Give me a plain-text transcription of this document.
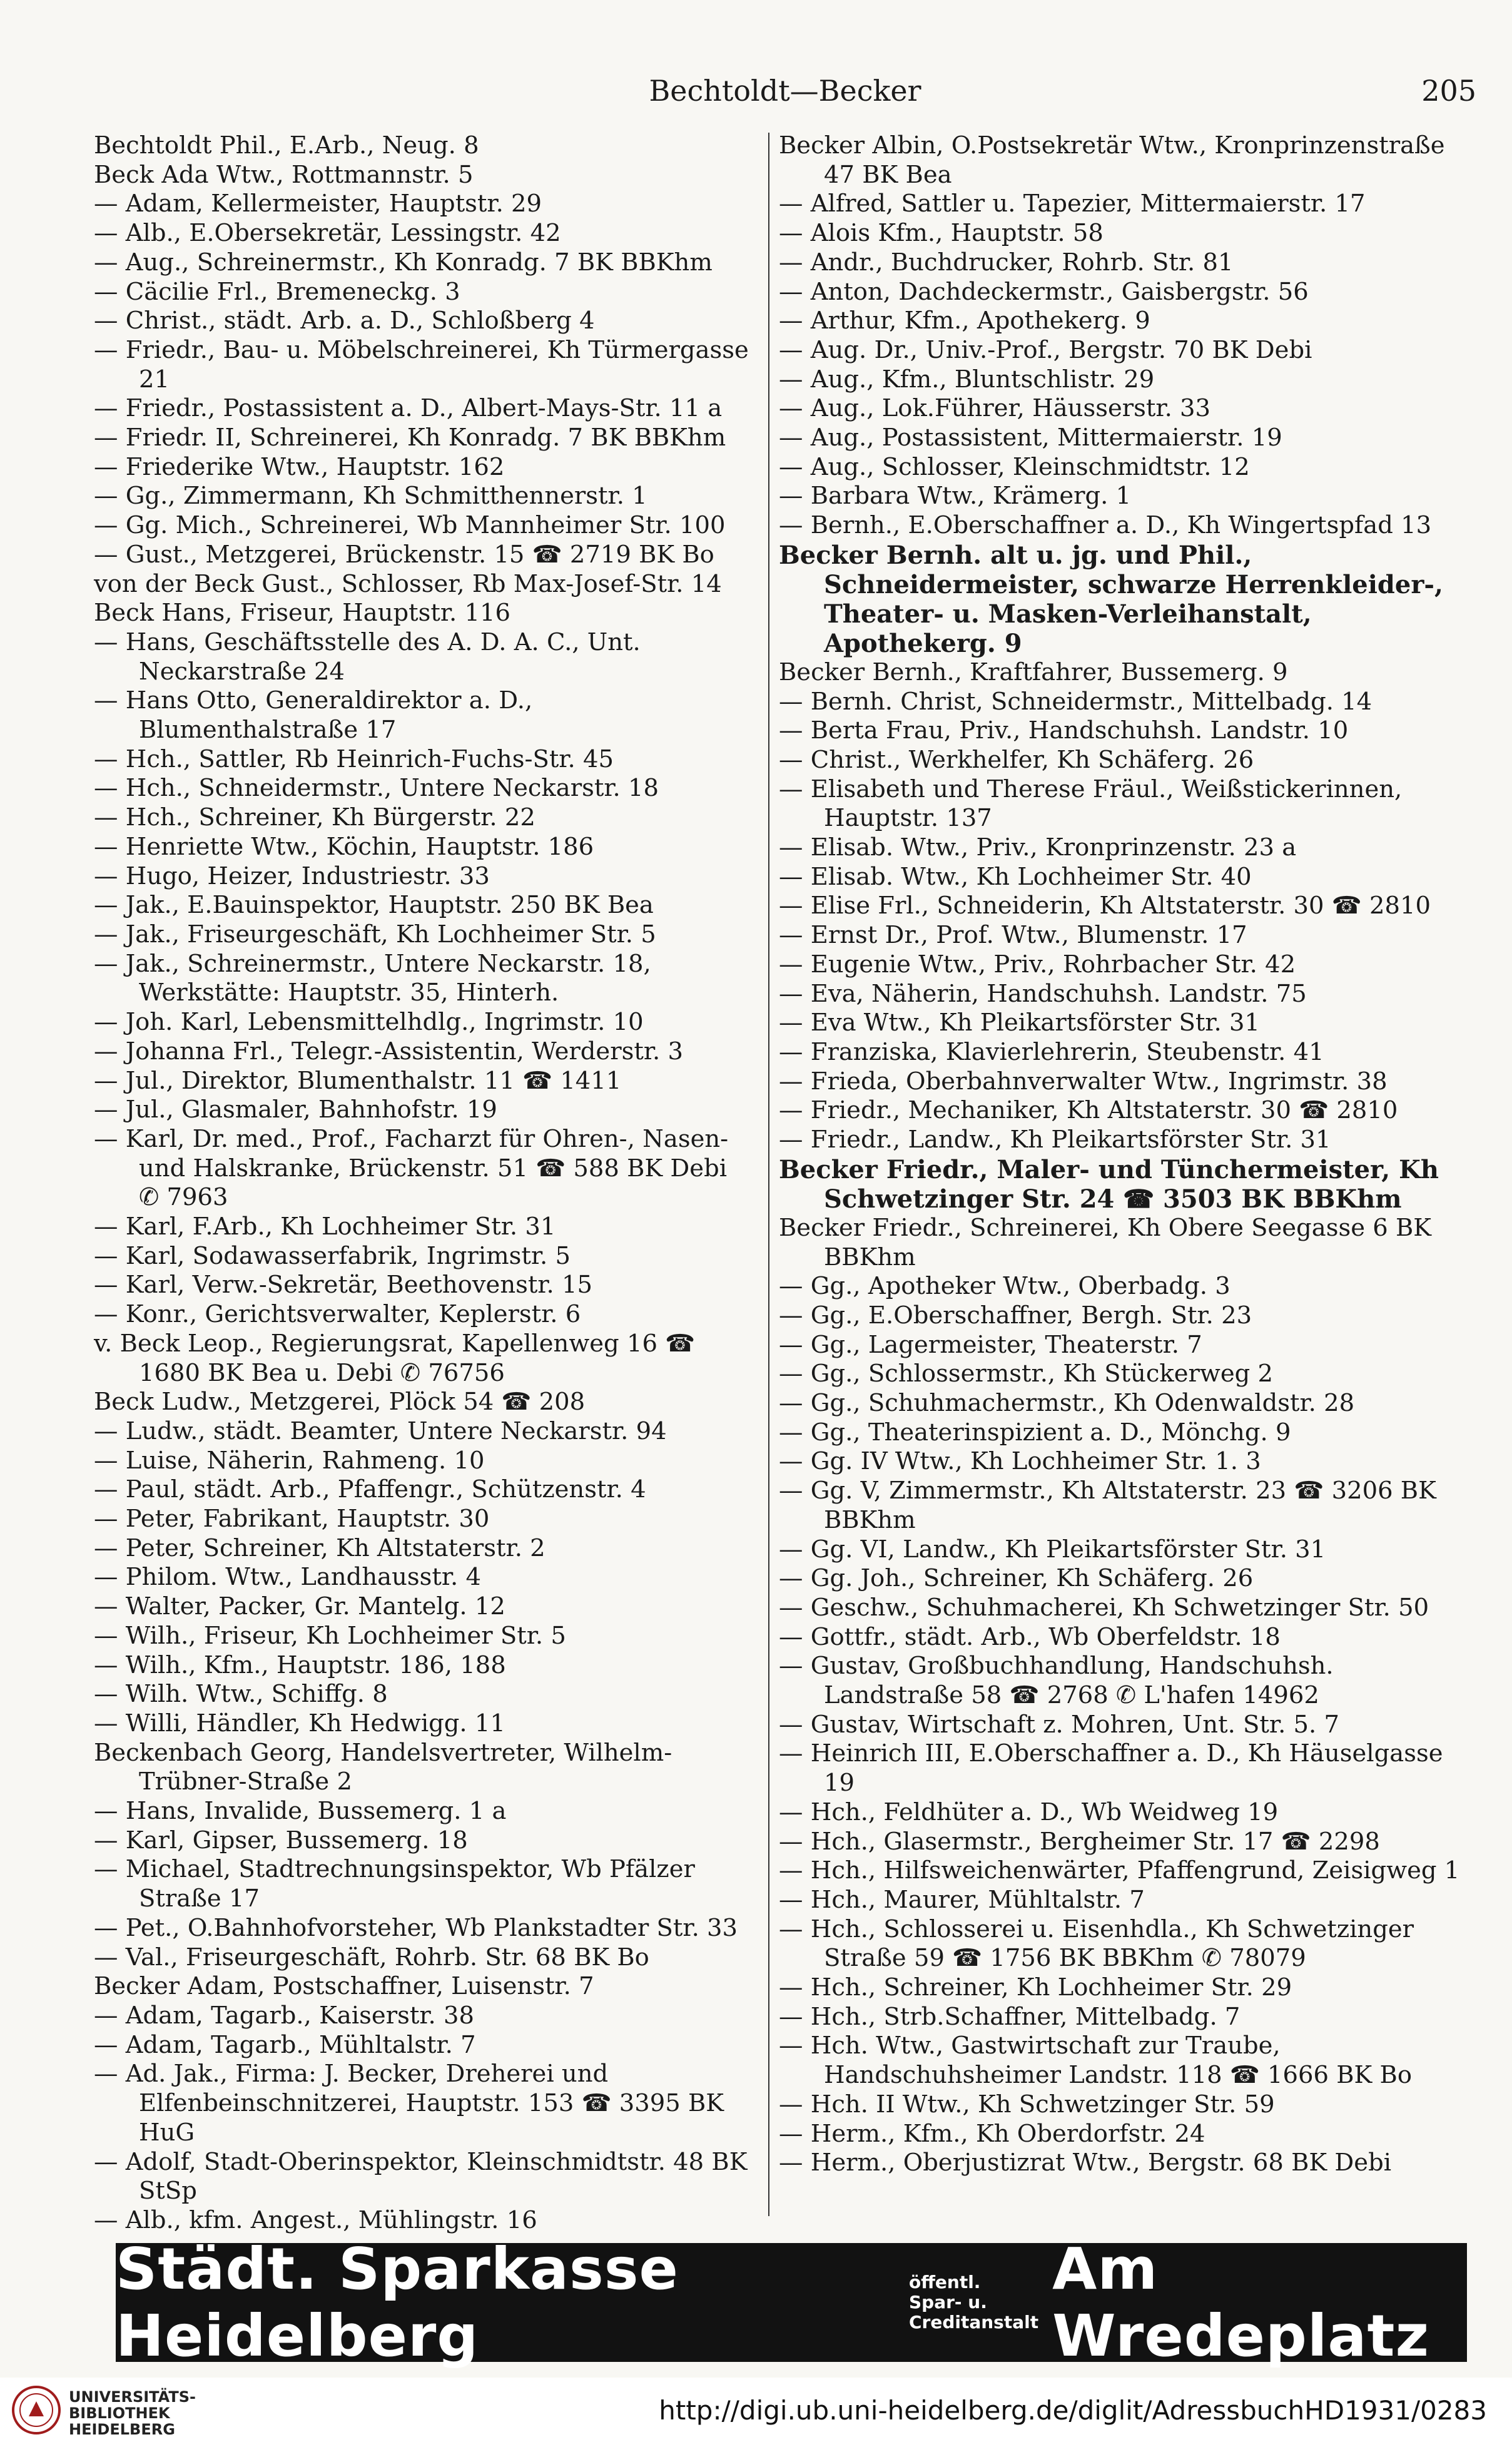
Bechtoldt—Becker	205

Bechtoldt Phil., E.Arb., Neug. 8

Beck Ada Wtw., Rottmannstr. 5

— Adam, Kellermeister, Hauptstr. 29

— Alb., E.Obersekretär, Lessingstr. 42

— Aug., Schreinermstr., Kh Konradg. 7 BK BBKhm

— Cäcilie Frl., Bremeneckg. 3

— Christ., städt. Arb. a. D., Schloßberg 4

— Friedr., Bau- u. Möbelschreinerei, Kh Türmergasse 21

— Friedr., Postassistent a. D., Albert-Mays-Str. 11 a

— Friedr. II, Schreinerei, Kh Konradg. 7 BK BBKhm

— Friederike Wtw., Hauptstr. 162

— Gg., Zimmermann, Kh Schmitthennerstr. 1

— Gg. Mich., Schreinerei, Wb Mannheimer Str. 100

— Gust., Metzgerei, Brückenstr. 15 ☎ 2719 BK Bo

von der Beck Gust., Schlosser, Rb Max-Josef-Str. 14

Beck Hans, Friseur, Hauptstr. 116

— Hans, Geschäftsstelle des A. D. A. C., Unt. Neckarstraße 24

— Hans Otto, Generaldirektor a. D., Blumenthalstraße 17

— Hch., Sattler, Rb Heinrich-Fuchs-Str. 45

— Hch., Schneidermstr., Untere Neckarstr. 18

— Hch., Schreiner, Kh Bürgerstr. 22

— Henriette Wtw., Köchin, Hauptstr. 186

— Hugo, Heizer, Industriestr. 33

— Jak., E.Bauinspektor, Hauptstr. 250 BK Bea

— Jak., Friseurgeschäft, Kh Lochheimer Str. 5

— Jak., Schreinermstr., Untere Neckarstr. 18, Werkstätte: Hauptstr. 35, Hinterh.

— Joh. Karl, Lebensmittelhdlg., Ingrimstr. 10

— Johanna Frl., Telegr.-Assistentin, Werderstr. 3

— Jul., Direktor, Blumenthalstr. 11 ☎ 1411

— Jul., Glasmaler, Bahnhofstr. 19

— Karl, Dr. med., Prof., Facharzt für Ohren-, Nasen- und Halskranke, Brückenstr. 51 ☎ 588 BK Debi ✆ 7963

— Karl, F.Arb., Kh Lochheimer Str. 31

— Karl, Sodawasserfabrik, Ingrimstr. 5

— Karl, Verw.-Sekretär, Beethovenstr. 15

— Konr., Gerichtsverwalter, Keplerstr. 6

v. Beck Leop., Regierungsrat, Kapellenweg 16 ☎ 1680 BK Bea u. Debi ✆ 76756

Beck Ludw., Metzgerei, Plöck 54 ☎ 208

— Ludw., städt. Beamter, Untere Neckarstr. 94

— Luise, Näherin, Rahmeng. 10

— Paul, städt. Arb., Pfaffengr., Schützenstr. 4

— Peter, Fabrikant, Hauptstr. 30

— Peter, Schreiner, Kh Altstaterstr. 2

— Philom. Wtw., Landhausstr. 4

— Walter, Packer, Gr. Mantelg. 12

— Wilh., Friseur, Kh Lochheimer Str. 5

— Wilh., Kfm., Hauptstr. 186, 188

— Wilh. Wtw., Schiffg. 8

— Willi, Händler, Kh Hedwigg. 11

Beckenbach Georg, Handelsvertreter, Wilhelm-Trübner-Straße 2

— Hans, Invalide, Bussemerg. 1 a

— Karl, Gipser, Bussemerg. 18

— Michael, Stadtrechnungsinspektor, Wb Pfälzer Straße 17

— Pet., O.Bahnhofvorsteher, Wb Plankstadter Str. 33

— Val., Friseurgeschäft, Rohrb. Str. 68 BK Bo

Becker Adam, Postschaffner, Luisenstr. 7

— Adam, Tagarb., Kaiserstr. 38

— Adam, Tagarb., Mühltalstr. 7

— Ad. Jak., Firma: J. Becker, Dreherei und Elfenbeinschnitzerei, Hauptstr. 153 ☎ 3395 BK HuG

— Adolf, Stadt-Oberinspektor, Kleinschmidtstr. 48 BK StSp

— Alb., kfm. Angest., Mühlingstr. 16

Becker Albin, O.Postsekretär Wtw., Kronprinzenstraße 47 BK Bea

— Alfred, Sattler u. Tapezier, Mittermaierstr. 17

— Alois Kfm., Hauptstr. 58

— Andr., Buchdrucker, Rohrb. Str. 81

— Anton, Dachdeckermstr., Gaisbergstr. 56

— Arthur, Kfm., Apothekerg. 9

— Aug. Dr., Univ.-Prof., Bergstr. 70 BK Debi

— Aug., Kfm., Bluntschlistr. 29

— Aug., Lok.Führer, Häusserstr. 33

— Aug., Postassistent, Mittermaierstr. 19

— Aug., Schlosser, Kleinschmidtstr. 12

— Barbara Wtw., Krämerg. 1

— Bernh., E.Oberschaffner a. D., Kh Wingertspfad 13

Becker Bernh. alt u. jg. und Phil., Schneidermeister, schwarze Herrenkleider-, Theater- u. Masken-Verleihanstalt, Apothekerg. 9

Becker Bernh., Kraftfahrer, Bussemerg. 9

— Bernh. Christ, Schneidermstr., Mittelbadg. 14

— Berta Frau, Priv., Handschuhsh. Landstr. 10

— Christ., Werkhelfer, Kh Schäferg. 26

— Elisabeth und Therese Fräul., Weißstickerinnen, Hauptstr. 137

— Elisab. Wtw., Priv., Kronprinzenstr. 23 a

— Elisab. Wtw., Kh Lochheimer Str. 40

— Elise Frl., Schneiderin, Kh Altstaterstr. 30 ☎ 2810

— Ernst Dr., Prof. Wtw., Blumenstr. 17

— Eugenie Wtw., Priv., Rohrbacher Str. 42

— Eva, Näherin, Handschuhsh. Landstr. 75

— Eva Wtw., Kh Pleikartsförster Str. 31

— Franziska, Klavierlehrerin, Steubenstr. 41

— Frieda, Oberbahnverwalter Wtw., Ingrimstr. 38

— Friedr., Mechaniker, Kh Altstaterstr. 30 ☎ 2810

— Friedr., Landw., Kh Pleikartsförster Str. 31

Becker Friedr., Maler- und Tünchermeister, Kh Schwetzinger Str. 24 ☎ 3503 BK BBKhm

Becker Friedr., Schreinerei, Kh Obere Seegasse 6 BK BBKhm

— Gg., Apotheker Wtw., Oberbadg. 3

— Gg., E.Oberschaffner, Bergh. Str. 23

— Gg., Lagermeister, Theaterstr. 7

— Gg., Schlossermstr., Kh Stückerweg 2

— Gg., Schuhmachermstr., Kh Odenwaldstr. 28

— Gg., Theaterinspizient a. D., Mönchg. 9

— Gg. IV Wtw., Kh Lochheimer Str. 1. 3

— Gg. V, Zimmermstr., Kh Altstaterstr. 23 ☎ 3206 BK BBKhm

— Gg. VI, Landw., Kh Pleikartsförster Str. 31

— Gg. Joh., Schreiner, Kh Schäferg. 26

— Geschw., Schuhmacherei, Kh Schwetzinger Str. 50

— Gottfr., städt. Arb., Wb Oberfeldstr. 18

— Gustav, Großbuchhandlung, Handschuhsh. Landstraße 58 ☎ 2768 ✆ L'hafen 14962

— Gustav, Wirtschaft z. Mohren, Unt. Str. 5. 7

— Heinrich III, E.Oberschaffner a. D., Kh Häuselgasse 19

— Hch., Feldhüter a. D., Wb Weidweg 19

— Hch., Glasermstr., Bergheimer Str. 17 ☎ 2298

— Hch., Hilfsweichenwärter, Pfaffengrund, Zeisigweg 1

— Hch., Maurer, Mühltalstr. 7

— Hch., Schlosserei u. Eisenhdla., Kh Schwetzinger Straße 59 ☎ 1756 BK BBKhm ✆ 78079

— Hch., Schreiner, Kh Lochheimer Str. 29

— Hch., Strb.Schaffner, Mittelbadg. 7

— Hch. Wtw., Gastwirtschaft zur Traube, Handschuhsheimer Landstr. 118 ☎ 1666 BK Bo

— Hch. II Wtw., Kh Schwetzinger Str. 59

— Herm., Kfm., Kh Oberdorfstr. 24

— Herm., Oberjustizrat Wtw., Bergstr. 68 BK Debi

Städt. Sparkasse Heidelberg
öffentl. Spar- u.
Creditanstalt
Am Wredeplatz
UNIVERSITÄTS-
BIBLIOTHEK
HEIDELBERG
http://digi.ub.uni-heidelberg.de/diglit/AdressbuchHD1931/0283
